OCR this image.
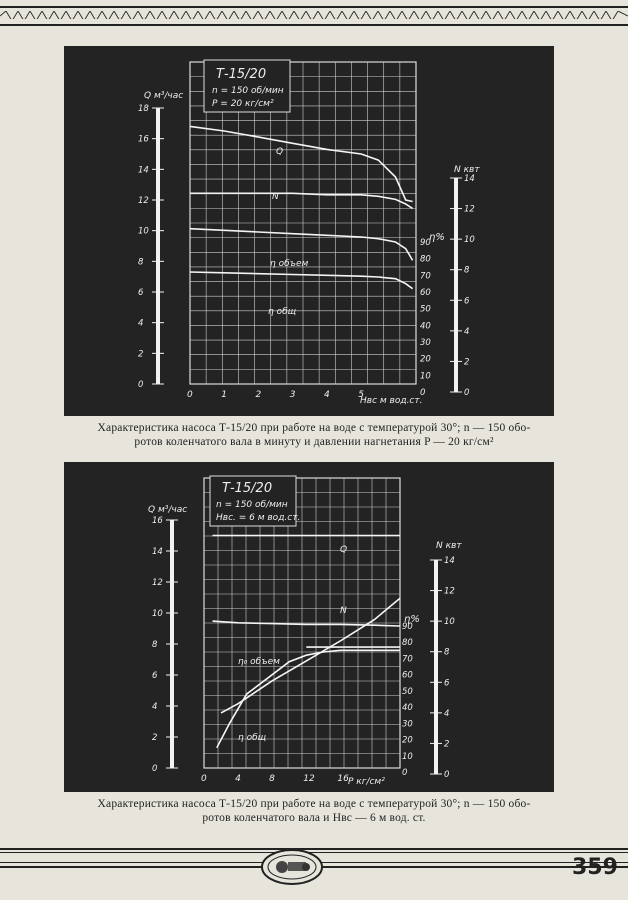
0	1	2	3	4	5
0
2
4
6
8
10
12
14
16
18
0
2
4
6
8
10
12
14
0
10
20
30
40
50
60
70
80
90
Т-15/20
n = 150 об/мин
P = 20 кг/см²
Q м³/час
N квт
η%
Нвс м вод.ст.
Q
N
η объем
η общ
Характеристика насоса Т-15/20 при работе на воде с температурой 30°; n — 150 обо-
ротов коленчатого вала в минуту и давлении нагнетания P — 20 кг/см²
0	4	8	12	16
0
2
4
6
8
10
12
14
16
0
2
4
6
8
10
12
14
0
10
20
30
40
50
60
70
80
90
Т-15/20
n = 150 об/мин
Нвс. = 6 м вод.ст.
Q м³/час
N квт
η%
P кг/см²
Q
N
η₀ объем
η общ
Характеристика насоса Т-15/20 при работе на воде с температурой 30°; n — 150 обо-
ротов коленчатого вала и Нвс — 6 м вод. ст.
359
